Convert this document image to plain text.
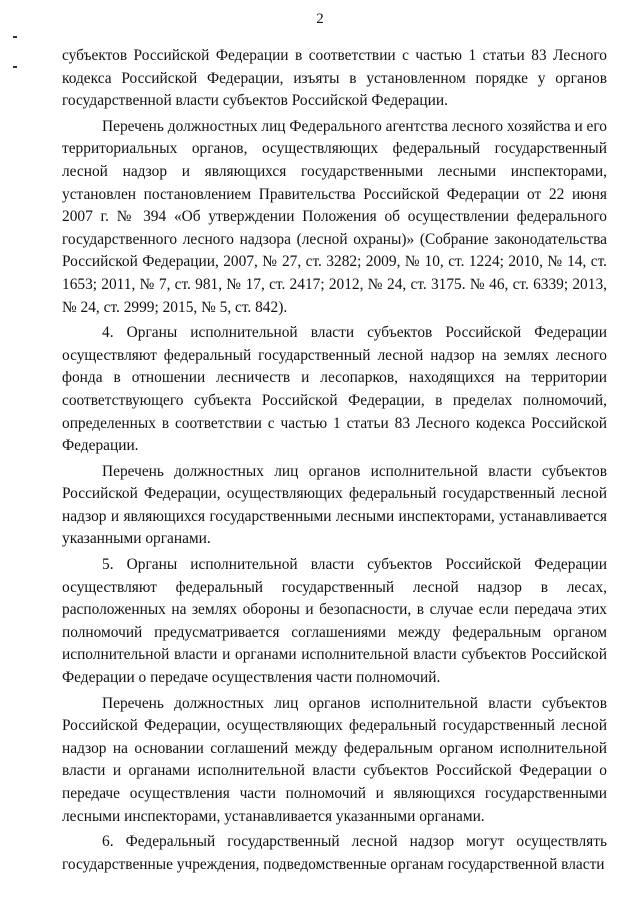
2

субъектов Российской Федерации в соответствии с частью 1 статьи 83 Лесного кодекса Российской Федерации, изъяты в установленном порядке у органов государственной власти субъектов Российской Федерации.

Перечень должностных лиц Федерального агентства лесного хозяйства и его территориальных органов, осуществляющих федеральный государственный лесной надзор и являющихся государственными лесными инспекторами, установлен постановлением Правительства Российской Федерации от 22 июня 2007 г. № 394 «Об утверждении Положения об осуществлении федерального государственного лесного надзора (лесной охраны)» (Собрание законодательства Российской Федерации, 2007, № 27, ст. 3282; 2009, № 10, ст. 1224; 2010, № 14, ст. 1653; 2011, № 7, ст. 981, № 17, ст. 2417; 2012, № 24, ст. 3175. № 46, ст. 6339; 2013, № 24, ст. 2999; 2015, № 5, ст. 842).

4. Органы исполнительной власти субъектов Российской Федерации осуществляют федеральный государственный лесной надзор на землях лесного фонда в отношении лесничеств и лесопарков, находящихся на территории соответствующего субъекта Российской Федерации, в пределах полномочий, определенных в соответствии с частью 1 статьи 83 Лесного кодекса Российской Федерации.

Перечень должностных лиц органов исполнительной власти субъектов Российской Федерации, осуществляющих федеральный государственный лесной надзор и являющихся государственными лесными инспекторами, устанавливается указанными органами.

5. Органы исполнительной власти субъектов Российской Федерации осуществляют федеральный государственный лесной надзор в лесах, расположенных на землях обороны и безопасности, в случае если передача этих полномочий предусматривается соглашениями между федеральным органом исполнительной власти и органами исполнительной власти субъектов Российской Федерации о передаче осуществления части полномочий.

Перечень должностных лиц органов исполнительной власти субъектов Российской Федерации, осуществляющих федеральный государственный лесной надзор на основании соглашений между федеральным органом исполнительной власти и органами исполнительной власти субъектов Российской Федерации о передаче осуществления части полномочий и являющихся государственными лесными инспекторами, устанавливается указанными органами.

6. Федеральный государственный лесной надзор могут осуществлять государственные учреждения, подведомственные органам государственной власти
